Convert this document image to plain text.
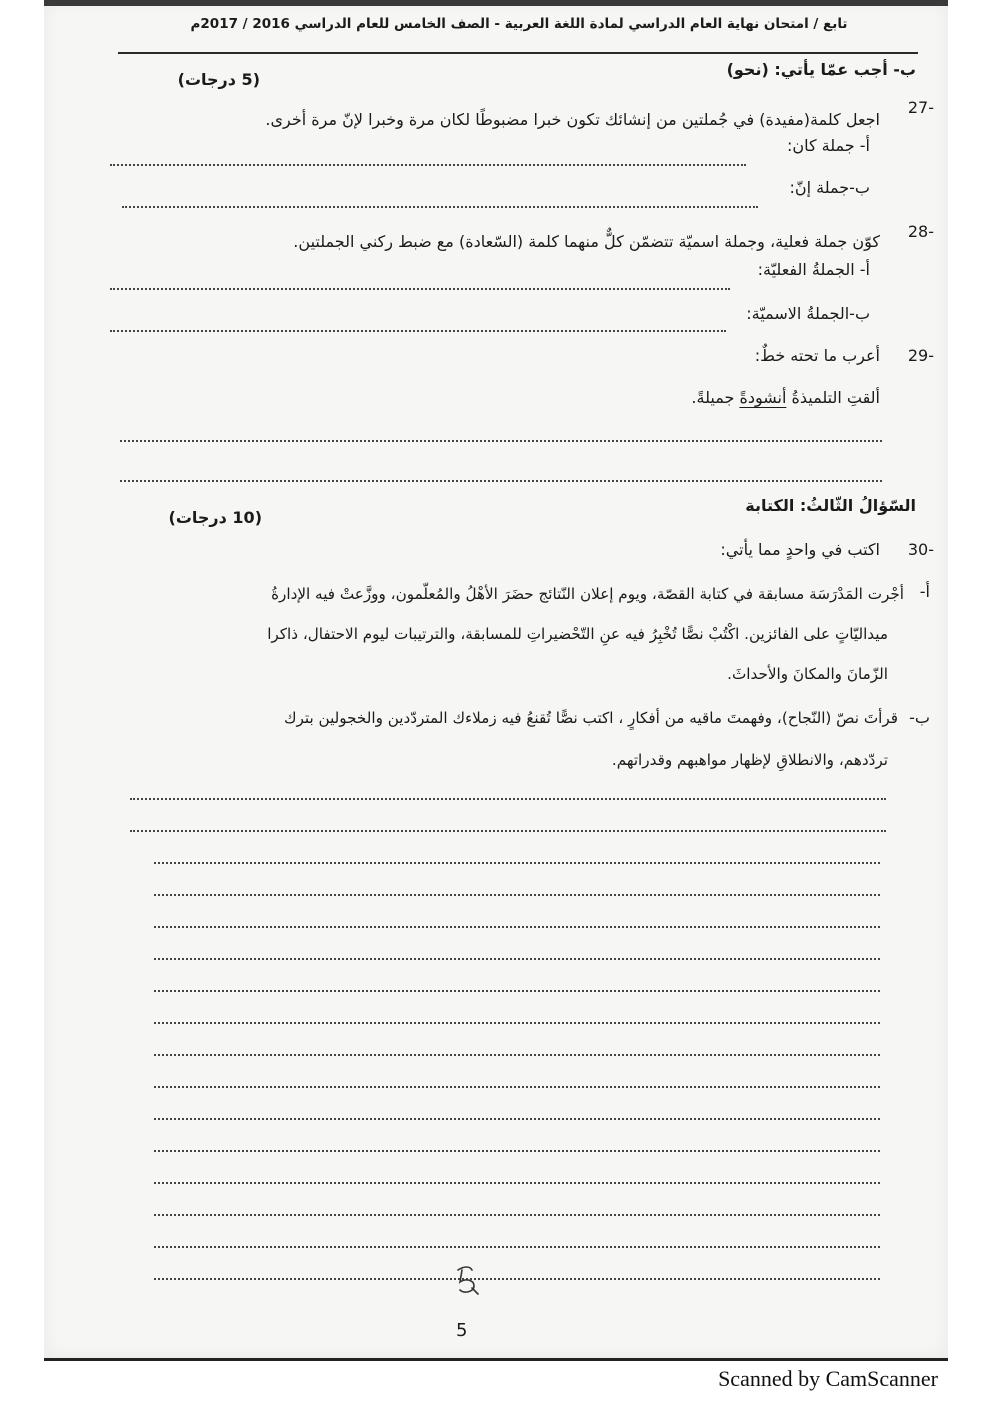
تابع / امتحان نهاية العام الدراسي لمادة اللغة العربية - الصف الخامس للعام الدراسي 2016 / 2017م
ب- أجب عمّا يأتي: (نحو)
(5 درجات)
-27
اجعل كلمة(مفيدة) في جُملتين من إنشائك تكون خبرا مضبوطًا لكان مرة وخبرا لإنّ مرة أخرى.
أ- جملة كان:
ب-جملة إنّ:
-28
كوّن جملة فعلية، وجملة اسميّة تتضمّن كلٌّ منهما كلمة (السّعادة) مع ضبط ركني الجملتين.
أ- الجملةُ الفعليّة:
ب-الجملةُ الاسميّة:
-29
أعرب ما تحته خطٌ:
ألقتِ التلميذةُ أنشودةً جميلةً.
السّؤالُ الثّالثُ: الكتابة
(10 درجات)
-30
اكتب في واحدٍ مما يأتي:
أ-
أجْرت المَدْرَسَة مسابقة في كتابة القصّة، ويوم إعلان النّتائج حضَرَ الأهْلُ والمُعلّمون، ووزَّعتْ فيه الإدارةُ
ميداليّاتٍ على الفائزين. اكْتُبْ نصًّا تُخْبِرُ فيه عنِ التّحْضيراتِ للمسابقة، والترتيبات ليوم الاحتفال، ذاكرا
الزّمانَ والمكانَ والأحداثَ.
ب-
قرأتَ نصّ (النّجاح)، وفهمتَ ماقيه من أفكارٍ ، اكتب نصًّا تُقنعُ فيه زملاءك المتردّدين والخجولين بترك
تردّدهم، والانطلاقِ لإظهار مواهبهم وقدراتهم.
5
Scanned by CamScanner
